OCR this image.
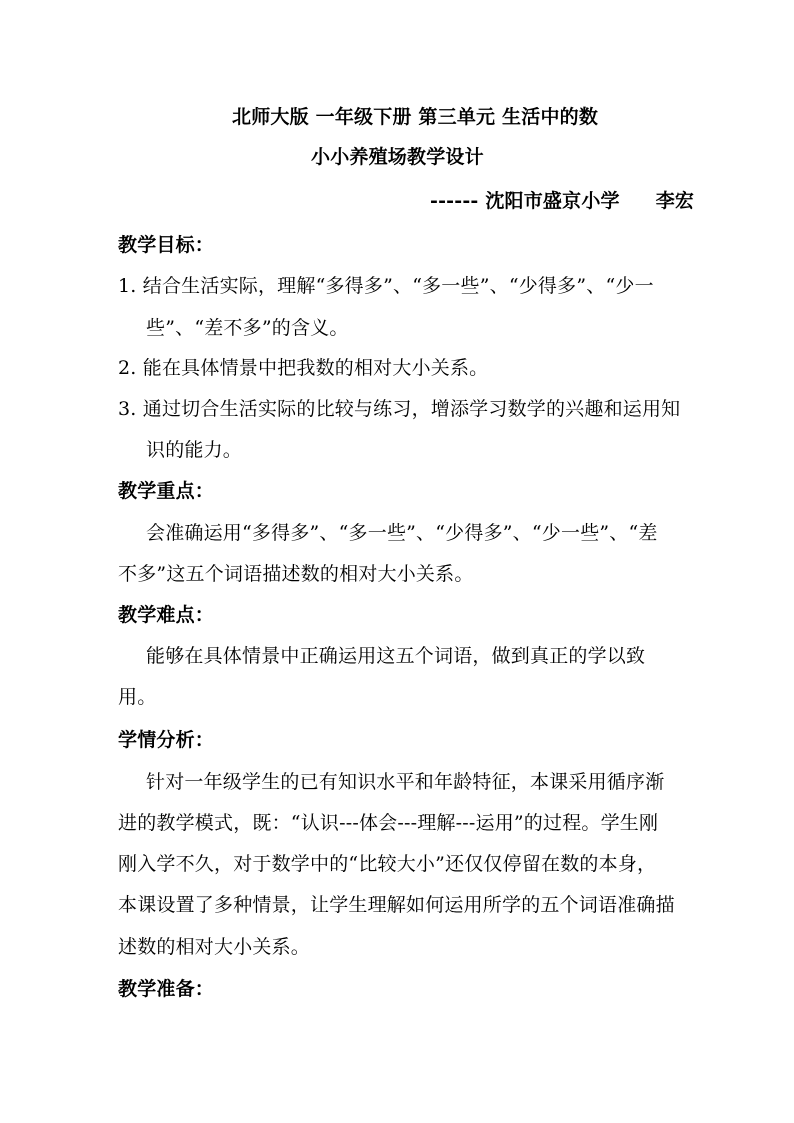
北师大版 一年级下册 第三单元 生活中的数
小小养殖场教学设计
------ 沈阳市盛京小学 李宏
教学目标：
1. 结合生活实际，理解“多得多”、“多一些”、“少得多”、“少一
些”、“差不多”的含义。
2. 能在具体情景中把我数的相对大小关系。
3. 通过切合生活实际的比较与练习，增添学习数学的兴趣和运用知
识的能力。
教学重点：
会准确运用“多得多”、“多一些”、“少得多”、“少一些”、“差
不多”这五个词语描述数的相对大小关系。
教学难点：
能够在具体情景中正确运用这五个词语，做到真正的学以致
用。
学情分析：
针对一年级学生的已有知识水平和年龄特征，本课采用循序渐
进的教学模式，既：“认识---体会---理解---运用”的过程。学生刚
刚入学不久，对于数学中的“比较大小”还仅仅停留在数的本身，
本课设置了多种情景，让学生理解如何运用所学的五个词语准确描
述数的相对大小关系。
教学准备：
